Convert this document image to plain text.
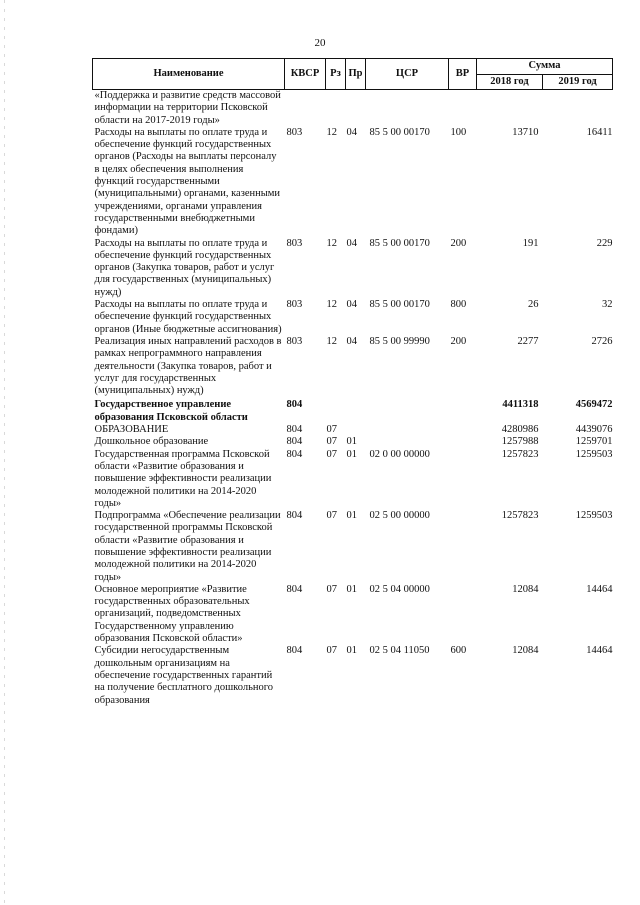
20
Наименование	КВСР	Рз	Пр	ЦСР	ВР	Сумма	
						2018 год	2019 год
«Поддержка и развитие средств массовой информации на территории Псковской области на 2017-2019 годы»							
Расходы на выплаты по оплате труда и обеспечение функций государственных органов (Расходы на выплаты персоналу в целях обеспечения выполнения функций государственными (муниципальными) органами, казенными учреждениями, органами управления государственными внебюджетными фондами)	803	12	04	85 5 00 00170	100	13710	16411
Расходы на выплаты по оплате труда и обеспечение функций государственных органов (Закупка товаров, работ и услуг для государственных (муниципальных) нужд)	803	12	04	85 5 00 00170	200	191	229
Расходы на выплаты по оплате труда и обеспечение функций государственных органов (Иные бюджетные ассигнования)	803	12	04	85 5 00 00170	800	26	32
Реализация иных направлений расходов в рамках непрограммного направления деятельности (Закупка товаров, работ и услуг для государственных (муниципальных) нужд)	803	12	04	85 5 00 99990	200	2277	2726
Государственное управление образования Псковской области	804					4411318	4569472
ОБРАЗОВАНИЕ	804	07				4280986	4439076
Дошкольное образование	804	07	01			1257988	1259701
Государственная программа Псковской области «Развитие образования и повышение эффективности реализации молодежной политики на 2014-2020 годы»	804	07	01	02 0 00 00000		1257823	1259503
Подпрограмма «Обеспечение реализации государственной программы Псковской области «Развитие образования и повышение эффективности реализации молодежной политики на 2014-2020 годы»	804	07	01	02 5 00 00000		1257823	1259503
Основное мероприятие «Развитие государственных образовательных организаций, подведомственных Государственному управлению образования Псковской области»	804	07	01	02 5 04 00000		12084	14464
Субсидии негосударственным дошкольным организациям на обеспечение государственных гарантий на получение бесплатного дошкольного образования	804	07	01	02 5 04 11050	600	12084	14464
